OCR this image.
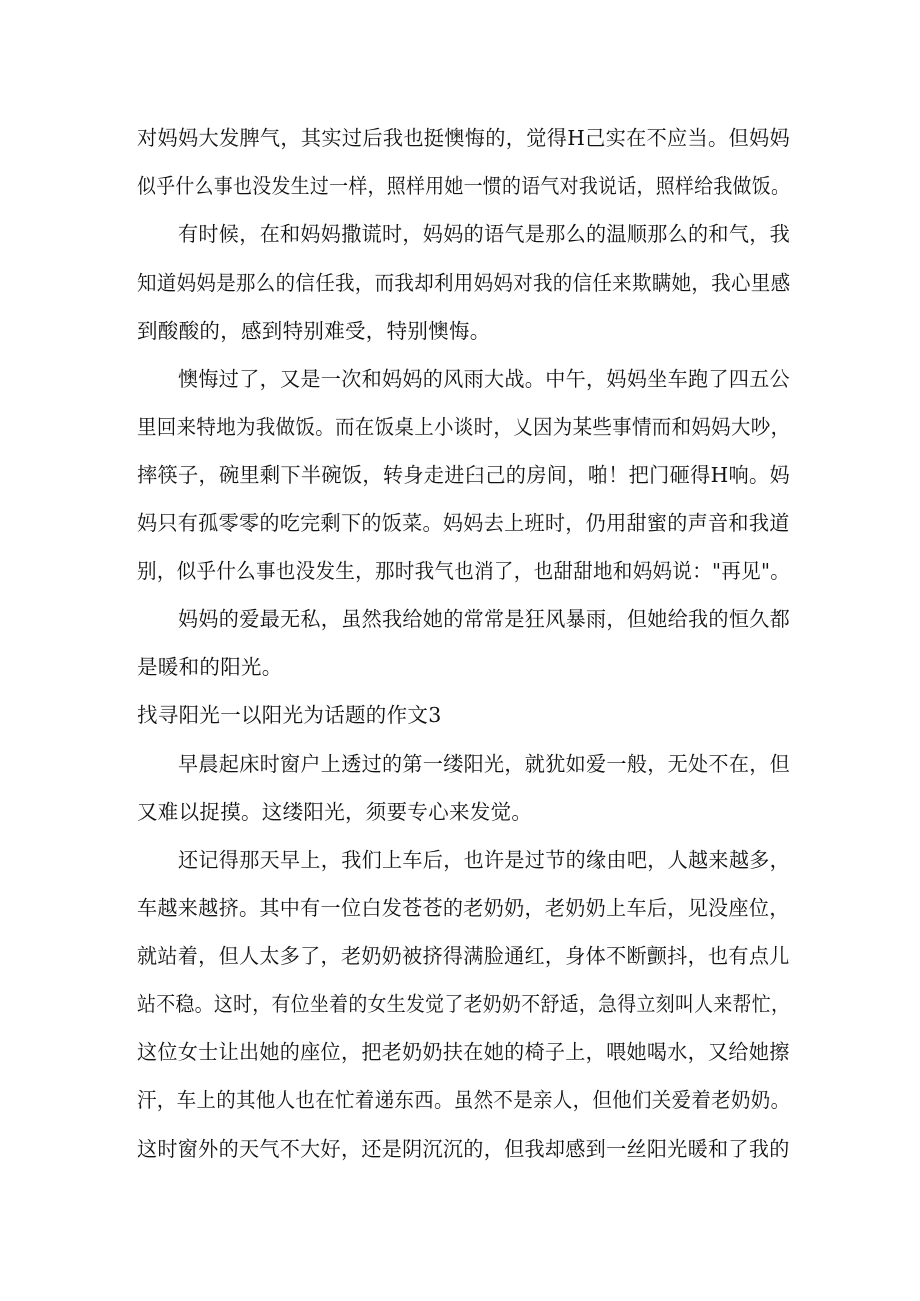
对妈妈大发脾气，其实过后我也挺懊悔的，觉得H己实在不应当。但妈妈
似乎什么事也没发生过一样，照样用她一惯的语气对我说话，照样给我做饭。
有时候，在和妈妈撒谎时，妈妈的语气是那么的温顺那么的和气，我
知道妈妈是那么的信任我，而我却利用妈妈对我的信任来欺瞒她，我心里感
到酸酸的，感到特别难受，特别懊悔。
懊悔过了，又是一次和妈妈的风雨大战。中午，妈妈坐车跑了四五公
里回来特地为我做饭。而在饭桌上小谈时，乂因为某些事情而和妈妈大吵，
摔筷子，碗里剩下半碗饭，转身走进臼己的房间，啪！把门砸得H响。妈
妈只有孤零零的吃完剩下的饭菜。妈妈去上班时，仍用甜蜜的声音和我道
别，似乎什么事也没发生，那时我气也消了，也甜甜地和妈妈说："再见"。
妈妈的爱最无私，虽然我给她的常常是狂风暴雨，但她给我的恒久都
是暖和的阳光。
找寻阳光一以阳光为话题的作文3
早晨起床时窗户上透过的第一缕阳光，就犹如爱一般，无处不在，但
又难以捉摸。这缕阳光，须要专心来发觉。
还记得那天早上，我们上车后，也许是过节的缘由吧，人越来越多，
车越来越挤。其中有一位白发苍苍的老奶奶，老奶奶上车后，见没座位，
就站着，但人太多了，老奶奶被挤得满脸通红，身体不断颤抖，也有点儿
站不稳。这时，有位坐着的女生发觉了老奶奶不舒适，急得立刻叫人来帮忙，
这位女士让出她的座位，把老奶奶扶在她的椅子上，喂她喝水，又给她擦
汗，车上的其他人也在忙着递东西。虽然不是亲人，但他们关爱着老奶奶。
这时窗外的天气不大好，还是阴沉沉的，但我却感到一丝阳光暖和了我的
